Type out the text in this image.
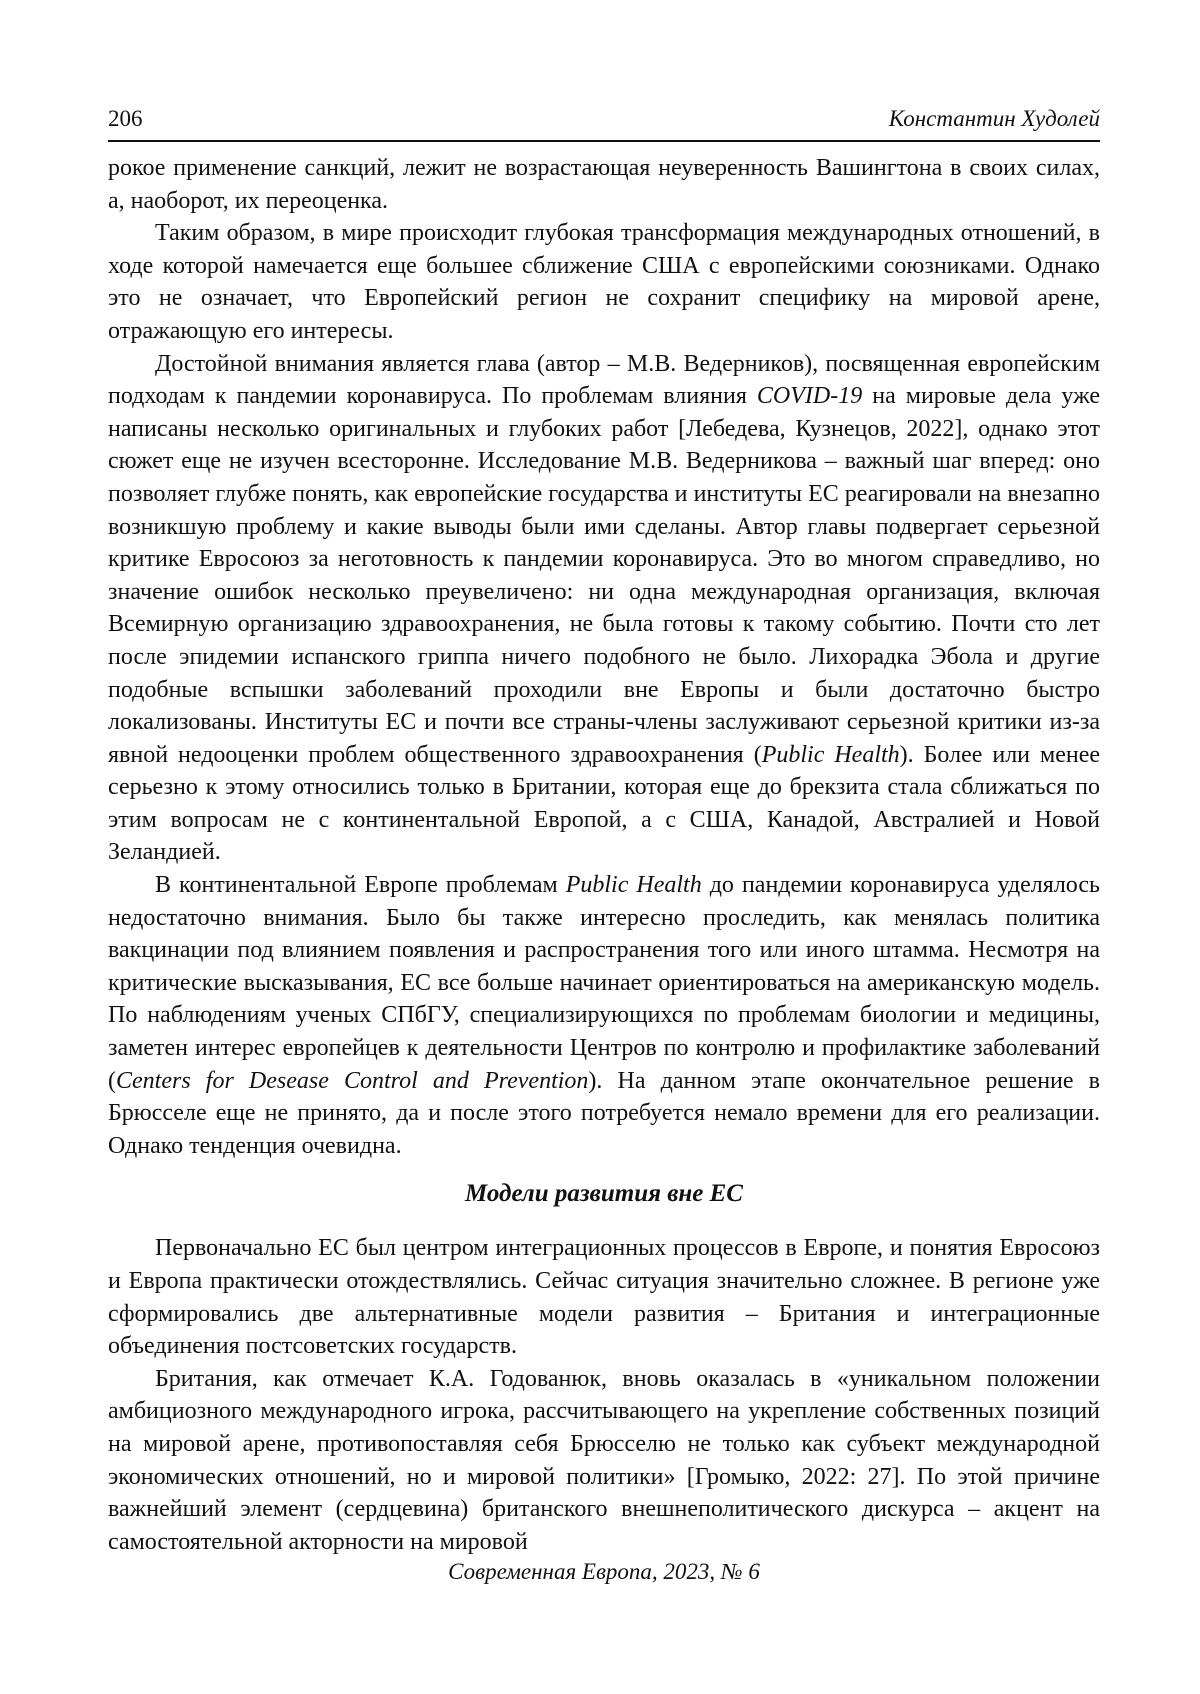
206	Константин Худолей

рокое применение санкций, лежит не возрастающая неуверенность Вашингтона в своих силах, а, наоборот, их переоценка.

Таким образом, в мире происходит глубокая трансформация международных отношений, в ходе которой намечается еще большее сближение США с европейскими союзниками. Однако это не означает, что Европейский регион не сохранит специфику на мировой арене, отражающую его интересы.

Достойной внимания является глава (автор – М.В. Ведерников), посвященная европейским подходам к пандемии коронавируса. По проблемам влияния COVID-19 на мировые дела уже написаны несколько оригинальных и глубоких работ [Лебедева, Кузнецов, 2022], однако этот сюжет еще не изучен всесторонне. Исследование М.В. Ведерникова – важный шаг вперед: оно позволяет глубже понять, как европейские государства и институты ЕС реагировали на внезапно возникшую проблему и какие выводы были ими сделаны. Автор главы подвергает серьезной критике Евросоюз за неготовность к пандемии коронавируса. Это во многом справедливо, но значение ошибок несколько преувеличено: ни одна международная организация, включая Всемирную организацию здравоохранения, не была готовы к такому событию. Почти сто лет после эпидемии испанского гриппа ничего подобного не было. Лихорадка Эбола и другие подобные вспышки заболеваний проходили вне Европы и были достаточно быстро локализованы. Институты ЕС и почти все страны-члены заслуживают серьезной критики из-за явной недооценки проблем общественного здравоохранения (Public Health). Более или менее серьезно к этому относились только в Британии, которая еще до брекзита стала сближаться по этим вопросам не с континентальной Европой, а с США, Канадой, Австралией и Новой Зеландией.

В континентальной Европе проблемам Public Health до пандемии коронавируса уделялось недостаточно внимания. Было бы также интересно проследить, как менялась политика вакцинации под влиянием появления и распространения того или иного штамма. Несмотря на критические высказывания, ЕС все больше начинает ориентироваться на американскую модель. По наблюдениям ученых СПбГУ, специализирующихся по проблемам биологии и медицины, заметен интерес европейцев к деятельности Центров по контролю и профилактике заболеваний (Centers for Desease Control and Prevention). На данном этапе окончательное решение в Брюсселе еще не принято, да и после этого потребуется немало времени для его реализации. Однако тенденция очевидна.

Модели развития вне ЕС

Первоначально ЕС был центром интеграционных процессов в Европе, и понятия Евросоюз и Европа практически отождествлялись. Сейчас ситуация значительно сложнее. В регионе уже сформировались две альтернативные модели развития – Британия и интеграционные объединения постсоветских государств.

Британия, как отмечает К.А. Годованюк, вновь оказалась в «уникальном положении амбициозного международного игрока, рассчитывающего на укрепление собственных позиций на мировой арене, противопоставляя себя Брюсселю не только как субъект международной экономических отношений, но и мировой политики» [Громыко, 2022: 27]. По этой причине важнейший элемент (сердцевина) британского внешнеполитического дискурса – акцент на самостоятельной акторности на мировой

Современная Европа, 2023, № 6
